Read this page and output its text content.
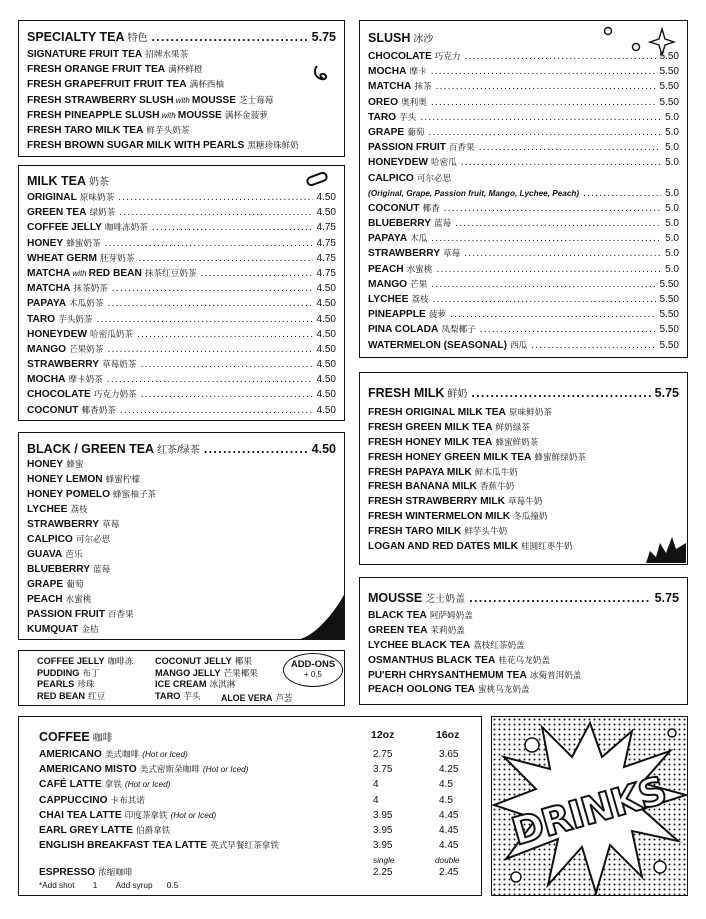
SPECIALTY TEA 特色 .....	5.75
SIGNATURE FRUIT TEA 招牌水果茶
FRESH ORANGE FRUIT TEA 满杯鲜橙
FRESH GRAPEFRUIT FRUIT TEA 满杯西柚
FRESH STRAWBERRY SLUSH with MOUSSE 芝士莓莓
FRESH PINEAPPLE SLUSH with MOUSSE 满杯金菠萝
FRESH TARO MILK TEA 鲜芋头奶茶
FRESH BROWN SUGAR MILK WITH PEARLS 黑糖珍珠鲜奶
MILK TEA 奶茶
ORIGINAL 原味奶茶 .....	4.50
GREEN TEA 绿奶茶 .....	4.50
COFFEE JELLY 咖啡冻奶茶 .....	4.75
HONEY 蜂蜜奶茶 .....	4.75
WHEAT GERM 胚芽奶茶 .....	4.75
MATCHA with RED BEAN 抹茶红豆奶茶 .....	4.75
MATCHA 抹茶奶茶 .....	4.50
PAPAYA 木瓜奶茶 .....	4.50
TARO 芋头奶茶 .....	4.50
HONEYDEW 哈密瓜奶茶 .....	4.50
MANGO 芒果奶茶 .....	4.50
STRAWBERRY 草莓奶茶 .....	4.50
MOCHA 摩卡奶茶 .....	4.50
CHOCOLATE 巧克力奶茶 .....	4.50
COCONUT 椰香奶茶 .....	4.50
BLACK / GREEN TEA 红茶/绿茶 .....	4.50
HONEY 蜂蜜
HONEY LEMON 蜂蜜柠檬
HONEY POMELO 蜂蜜柚子茶
LYCHEE 荔枝
STRAWBERRY 草莓
CALPICO 可尔必思
GUAVA 芭乐
BLUEBERRY 蓝莓
GRAPE 葡萄
PEACH 水蜜桃
PASSION FRUIT 百香果
KUMQUAT 金桔
COFFEE JELLY 咖啡冻
PUDDING 布丁
PEARLS 珍珠
RED BEAN 红豆
COCONUT JELLY 椰果
MANGO JELLY 芒果椰果
ICE CREAM 冰淇淋
TARO 芋头 ALOE VERA 芦荟
ADD-ONS
+ 0.5
SLUSH 冰沙
CHOCOLATE 巧克力 .....	5.50
MOCHA 摩卡 .....	5.50
MATCHA 抹茶 .....	5.50
OREO 奥利奥 .....	5.50
TARO 芋头 .....	5.0
GRAPE 葡萄 .....	5.0
PASSION FRUIT 百香果 .....	5.0
HONEYDEW 哈密瓜 .....	5.0
CALPICO 可尔必思
(Original, Grape, Passion fruit, Mango, Lychee, Peach) .....	5.0
COCONUT 椰香 .....	5.0
BLUEBERRY 蓝莓 .....	5.0
PAPAYA 木瓜 .....	5.0
STRAWBERRY 草莓 .....	5.0
PEACH 水蜜桃 .....	5.0
MANGO 芒果 .....	5.50
LYCHEE 荔枝 .....	5.50
PINEAPPLE 菠萝 .....	5.50
PINA COLADA 凤梨椰子 .....	5.50
WATERMELON (SEASONAL) 西瓜 .....	5.50
FRESH MILK 鲜奶 .....	5.75
FRESH ORIGINAL MILK TEA 原味鲜奶茶
FRESH GREEN MILK TEA 鲜奶绿茶
FRESH HONEY MILK TEA 蜂蜜鲜奶茶
FRESH HONEY GREEN MILK TEA 蜂蜜鲜绿奶茶
FRESH PAPAYA MILK 鲜木瓜牛奶
FRESH BANANA MILK 香蕉牛奶
FRESH STRAWBERRY MILK 草莓牛奶
FRESH WINTERMELON MILK 冬瓜撞奶
FRESH TARO MILK 鲜芋头牛奶
LOGAN AND RED DATES MILK 桂圆红枣牛奶
MOUSSE 芝士奶盖 .....	5.75
BLACK TEA 阿萨姆奶盖
GREEN TEA 茉莉奶盖
LYCHEE BLACK TEA 荔枝红茶奶盖
OSMANTHUS BLACK TEA 桂花乌龙奶盖
PU'ERH CHRYSANTHEMUM TEA 冰菊普洱奶盖
PEACH OOLONG TEA 蜜桃乌龙奶盖
COFFEE 咖啡	12oz	16oz
AMERICANO 美式咖啡 (Hot or Iced)	2.75	3.65
AMERICANO MISTO 美式密斯朵咖啡 (Hot or Iced)	3.75	4.25
CAFÉ LATTE 拿铁 (Hot or Iced)	4	4.5
CAPPUCCINO 卡布其诺	4	4.5
CHAI TEA LATTE 印度茶拿铁 (Hot or Iced)	3.95	4.45
EARL GREY LATTE 伯爵拿铁	3.95	4.45
ENGLISH BREAKFAST TEA LATTE 英式早餐红茶拿铁	3.95	4.45
single	double
ESPRESSO 浓缩咖啡	2.25	2.45
*Add shot 1 Add syrup 0.5
DRINKS
